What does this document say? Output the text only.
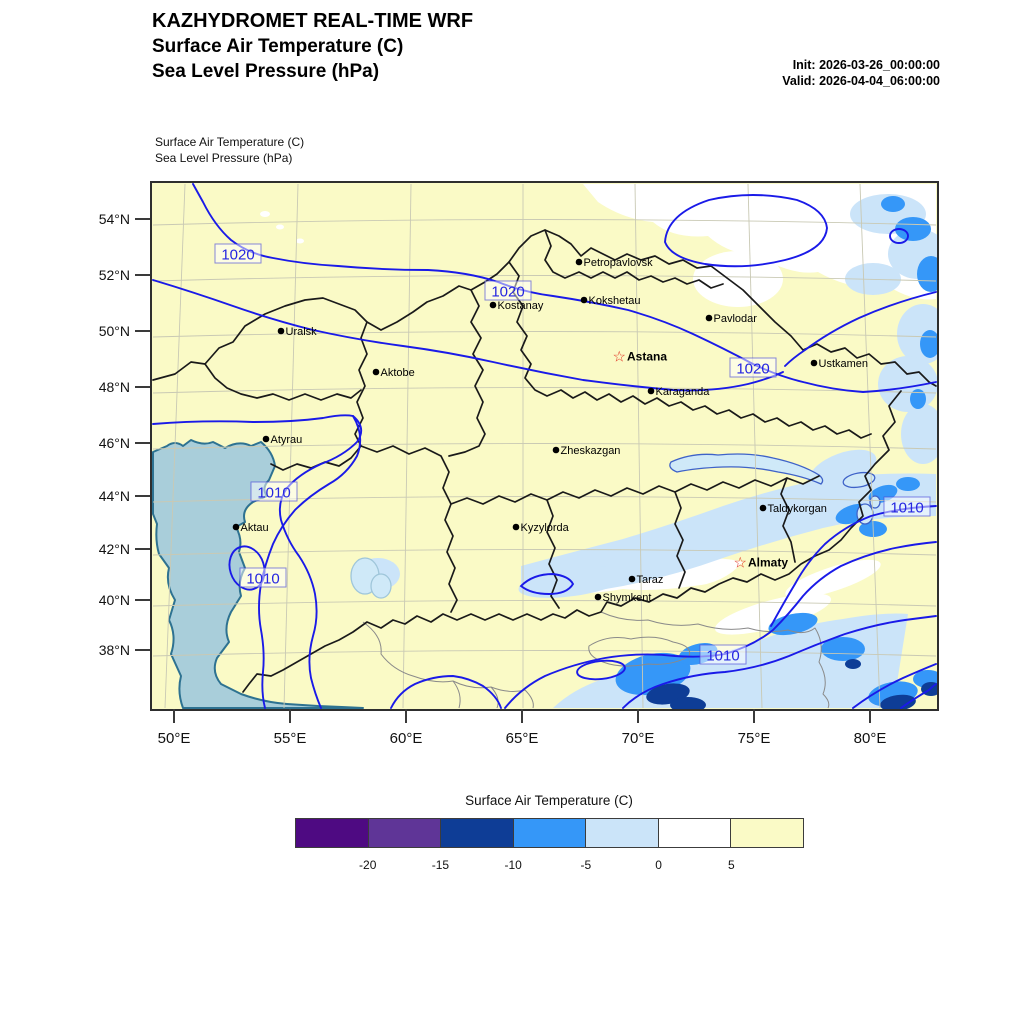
KAZHYDROMET REAL-TIME WRF
Surface Air Temperature (C)
Sea Level Pressure (hPa)	Init: 2026-03-26_00:00:00
Valid: 2026-04-04_06:00:00
Surface Air Temperature (C)
Sea Level Pressure (hPa)
1020
1020
1020
1010
1010
1010
1010
Petropavlovsk
Kostanay	Kokshetau
Pavlodar
Uralsk
☆ Astana
Aktobe
Ustkamen
Karaganda
Atyrau
Zheskazgan
Aktau	Kyzylorda
Taldykorgan
☆ Almaty
Taraz
Shymkent
54°N
52°N
50°N
48°N
46°N
44°N
42°N
40°N
38°N
50°E	55°E	60°E	65°E	70°E	75°E	80°E
Surface Air Temperature (C)
-20	-15	-10	-5	0	5
